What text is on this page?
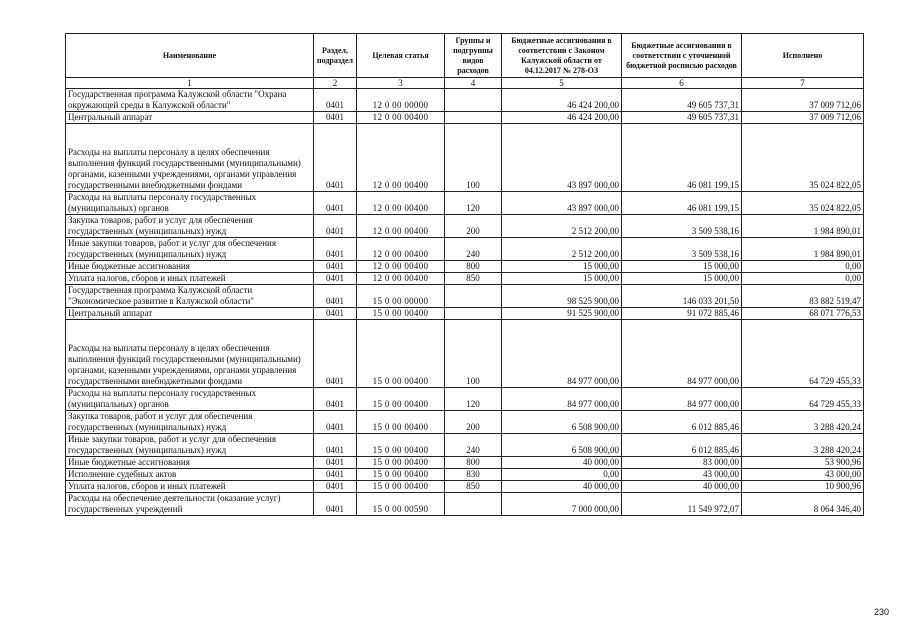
Наименование	Раздел, подраздел	Целевая статья	Группы и подгруппы видов расходов	Бюджетные ассигнования в соответствии с Законом Калужской области от 04.12.2017 № 278-ОЗ	Бюджетные ассигнования в соответствии с уточненной бюджетной росписью расходов	Исполнено
1	2	3	4	5	6	7
Государственная программа Калужской области "Охрана окружающей среды в Калужской области"	0401	12 0 00 00000		46 424 200,00	49 605 737,31	37 009 712,06
Центральный аппарат	0401	12 0 00 00400		46 424 200,00	49 605 737,31	37 009 712,06
Расходы на выплаты персоналу в целях обеспечения выполнения функций государственными (муниципальными) органами, казенными учреждениями, органами управления государственными внебюджетными фондами	0401	12 0 00 00400	100	43 897 000,00	46 081 199,15	35 024 822,05
Расходы на выплаты персоналу государственных (муниципальных) органов	0401	12 0 00 00400	120	43 897 000,00	46 081 199,15	35 024 822,05
Закупка товаров, работ и услуг для обеспечения государственных (муниципальных) нужд	0401	12 0 00 00400	200	2 512 200,00	3 509 538,16	1 984 890,01
Иные закупки товаров, работ и услуг для обеспечения государственных (муниципальных) нужд	0401	12 0 00 00400	240	2 512 200,00	3 509 538,16	1 984 890,01
Иные бюджетные ассигнования	0401	12 0 00 00400	800	15 000,00	15 000,00	0,00
Уплата налогов, сборов и иных платежей	0401	12 0 00 00400	850	15 000,00	15 000,00	0,00
Государственная программа Калужской области "Экономическое развитие в Калужской области"	0401	15 0 00 00000		98 525 900,00	146 033 201,50	83 882 519,47
Центральный аппарат	0401	15 0 00 00400		91 525 900,00	91 072 885,46	68 071 776,53
Расходы на выплаты персоналу в целях обеспечения выполнения функций государственными (муниципальными) органами, казенными учреждениями, органами управления государственными внебюджетными фондами	0401	15 0 00 00400	100	84 977 000,00	84 977 000,00	64 729 455,33
Расходы на выплаты персоналу государственных (муниципальных) органов	0401	15 0 00 00400	120	84 977 000,00	84 977 000,00	64 729 455,33
Закупка товаров, работ и услуг для обеспечения государственных (муниципальных) нужд	0401	15 0 00 00400	200	6 508 900,00	6 012 885,46	3 288 420,24
Иные закупки товаров, работ и услуг для обеспечения государственных (муниципальных) нужд	0401	15 0 00 00400	240	6 508 900,00	6 012 885,46	3 288 420,24
Иные бюджетные ассигнования	0401	15 0 00 00400	800	40 000,00	83 000,00	53 900,96
Исполнение судебных актов	0401	15 0 00 00400	830	0,00	43 000,00	43 000,00
Уплата налогов, сборов и иных платежей	0401	15 0 00 00400	850	40 000,00	40 000,00	10 900,96
Расходы на обеспечение деятельности (оказание услуг) государственных учреждений	0401	15 0 00 00590		7 000 000,00	11 549 972,07	8 064 346,40
230
